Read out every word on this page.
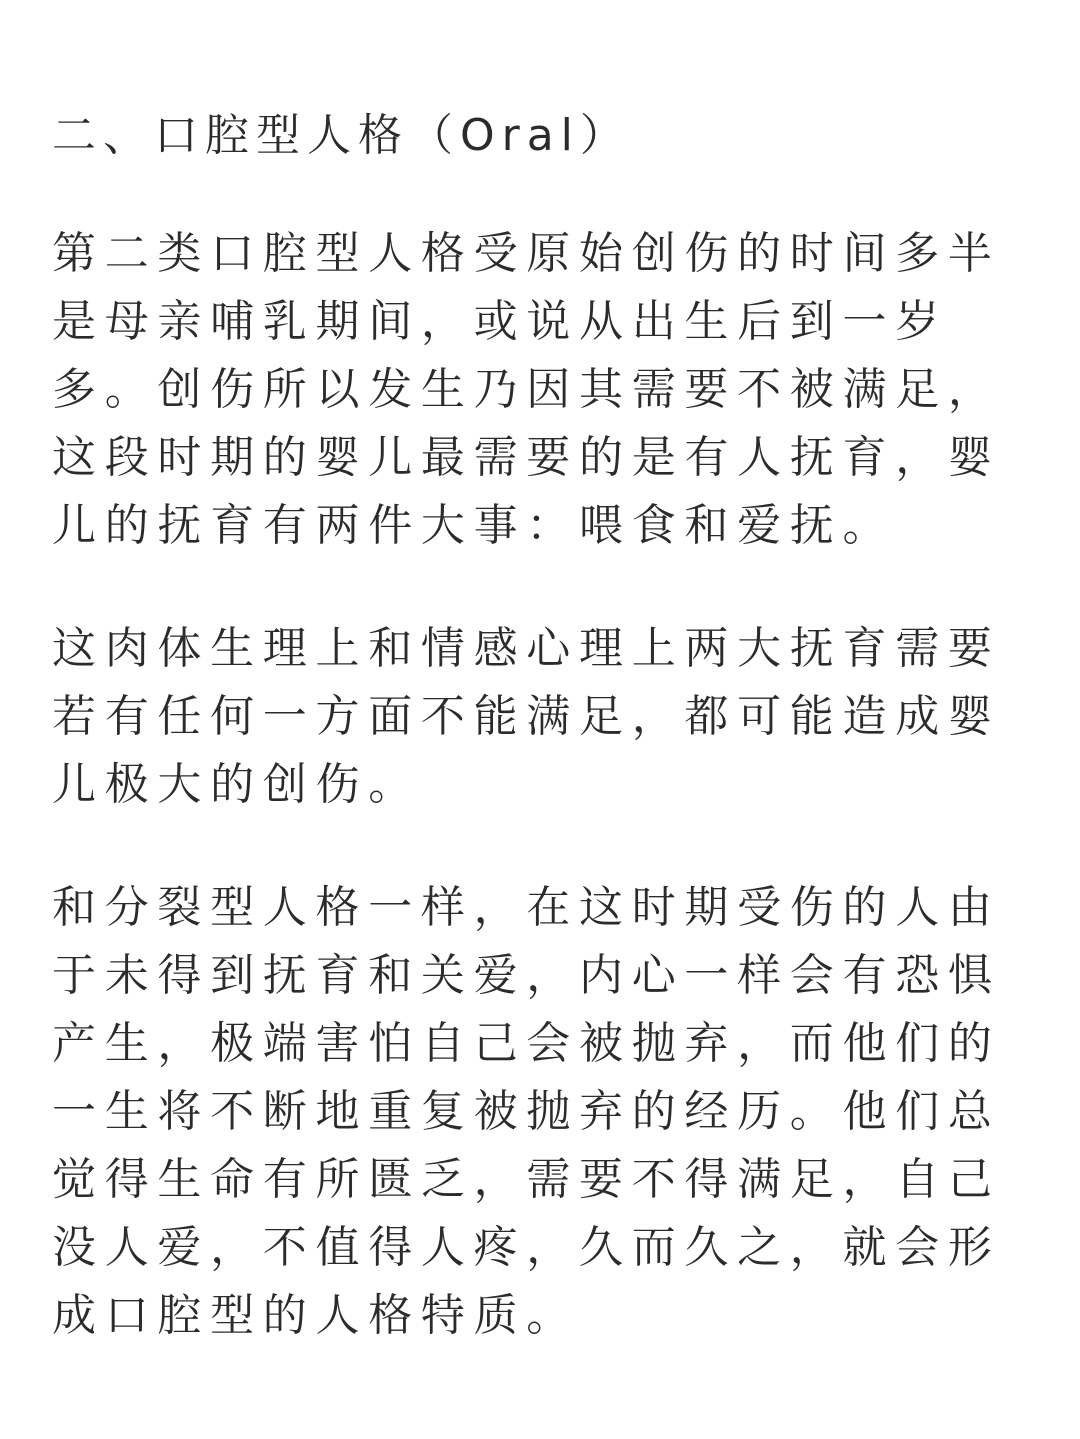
二、口腔型人格（Oral）

第二类口腔型人格受原始创伤的时间多半是母亲哺乳期间，或说从出生后到一岁多。创伤所以发生乃因其需要不被满足，这段时期的婴儿最需要的是有人抚育，婴儿的抚育有两件大事：喂食和爱抚。

这肉体生理上和情感心理上两大抚育需要若有任何一方面不能满足，都可能造成婴儿极大的创伤。

和分裂型人格一样，在这时期受伤的人由于未得到抚育和关爱，内心一样会有恐惧产生，极端害怕自己会被抛弃，而他们的一生将不断地重复被抛弃的经历。他们总觉得生命有所匮乏，需要不得满足，自己没人爱，不值得人疼，久而久之，就会形成口腔型的人格特质。
